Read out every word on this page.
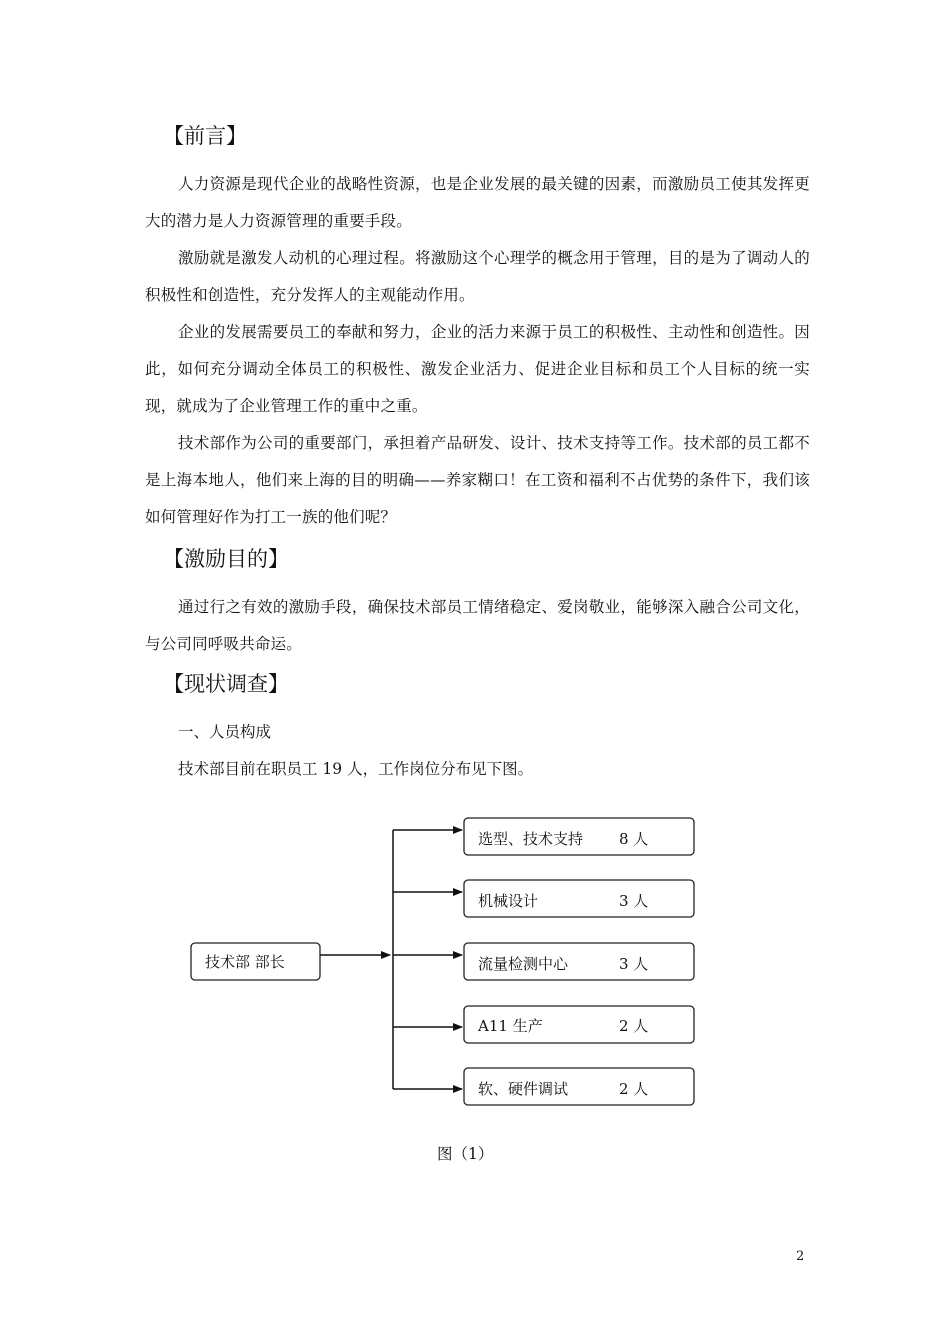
【前言】

人力资源是现代企业的战略性资源，也是企业发展的最关键的因素，而激励员工使其发挥更大的潜力是人力资源管理的重要手段。

激励就是激发人动机的心理过程。将激励这个心理学的概念用于管理，目的是为了调动人的积极性和创造性，充分发挥人的主观能动作用。

企业的发展需要员工的奉献和努力，企业的活力来源于员工的积极性、主动性和创造性。因此，如何充分调动全体员工的积极性、激发企业活力、促进企业目标和员工个人目标的统一实现，就成为了企业管理工作的重中之重。

技术部作为公司的重要部门，承担着产品研发、设计、技术支持等工作。技术部的员工都不是上海本地人，他们来上海的目的明确——养家糊口！在工资和福利不占优势的条件下，我们该如何管理好作为打工一族的他们呢？

【激励目的】

通过行之有效的激励手段，确保技术部员工情绪稳定、爱岗敬业，能够深入融合公司文化，与公司同呼吸共命运。

【现状调查】

一、人员构成

技术部目前在职员工 19 人，工作岗位分布见下图。

技术部 部长
选型、技术支持 8 人
机械设计	3 人
流量检测中心	3 人
A11 生产	2 人
软、硬件调试	2 人

图（1）

2
